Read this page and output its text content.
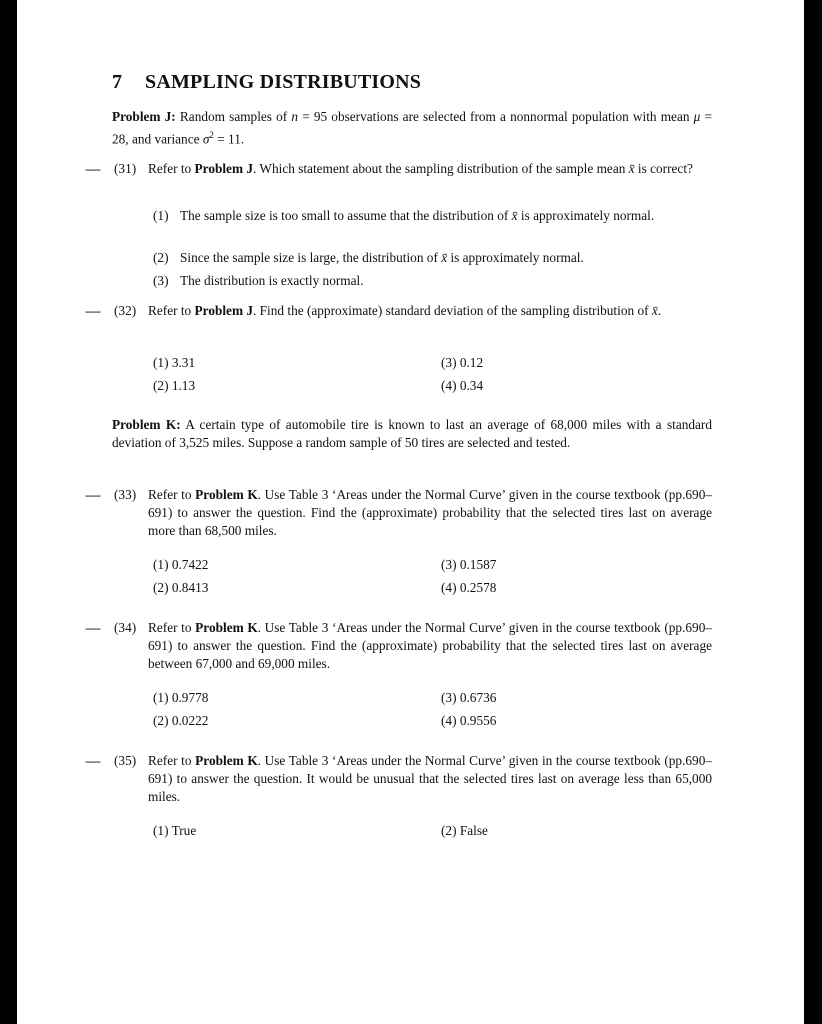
7 SAMPLING DISTRIBUTIONS
Problem J: Random samples of n = 95 observations are selected from a nonnormal population with mean μ = 28, and variance $\sigma^2 = 11$.
-----	(31) Refer to Problem J. Which statement about the sampling distribution of the sample mean x̄ is correct?
(1) The sample size is too small to assume that the distribution of x̄ is approximately normal.
(2) Since the sample size is large, the distribution of x̄ is approximately normal.
(3) The distribution is exactly normal.
-----	(32) Refer to Problem J. Find the (approximate) standard deviation of the sampling distribution of x̄.
(1) 3.31
(2) 1.13
(3) 0.12
(4) 0.34
Problem K: A certain type of automobile tire is known to last an average of 68,000 miles with a standard deviation of 3,525 miles. Suppose a random sample of 50 tires are selected and tested.
-----	(33) Refer to Problem K. Use Table 3 ‘Areas under the Normal Curve’ given in the course textbook (pp.690–691) to answer the question. Find the (approximate) probability that the selected tires last on average more than 68,500 miles.
(1) 0.7422
(2) 0.8413
(3) 0.1587
(4) 0.2578
-----	(34) Refer to Problem K. Use Table 3 ‘Areas under the Normal Curve’ given in the course textbook (pp.690–691) to answer the question. Find the (approximate) probability that the selected tires last on average between 67,000 and 69,000 miles.
(1) 0.9778
(2) 0.0222
(3) 0.6736
(4) 0.9556
-----	(35) Refer to Problem K. Use Table 3 ‘Areas under the Normal Curve’ given in the course textbook (pp.690–691) to answer the question. It would be unusual that the selected tires last on average less than 65,000 miles.
(1) True	(2) False
